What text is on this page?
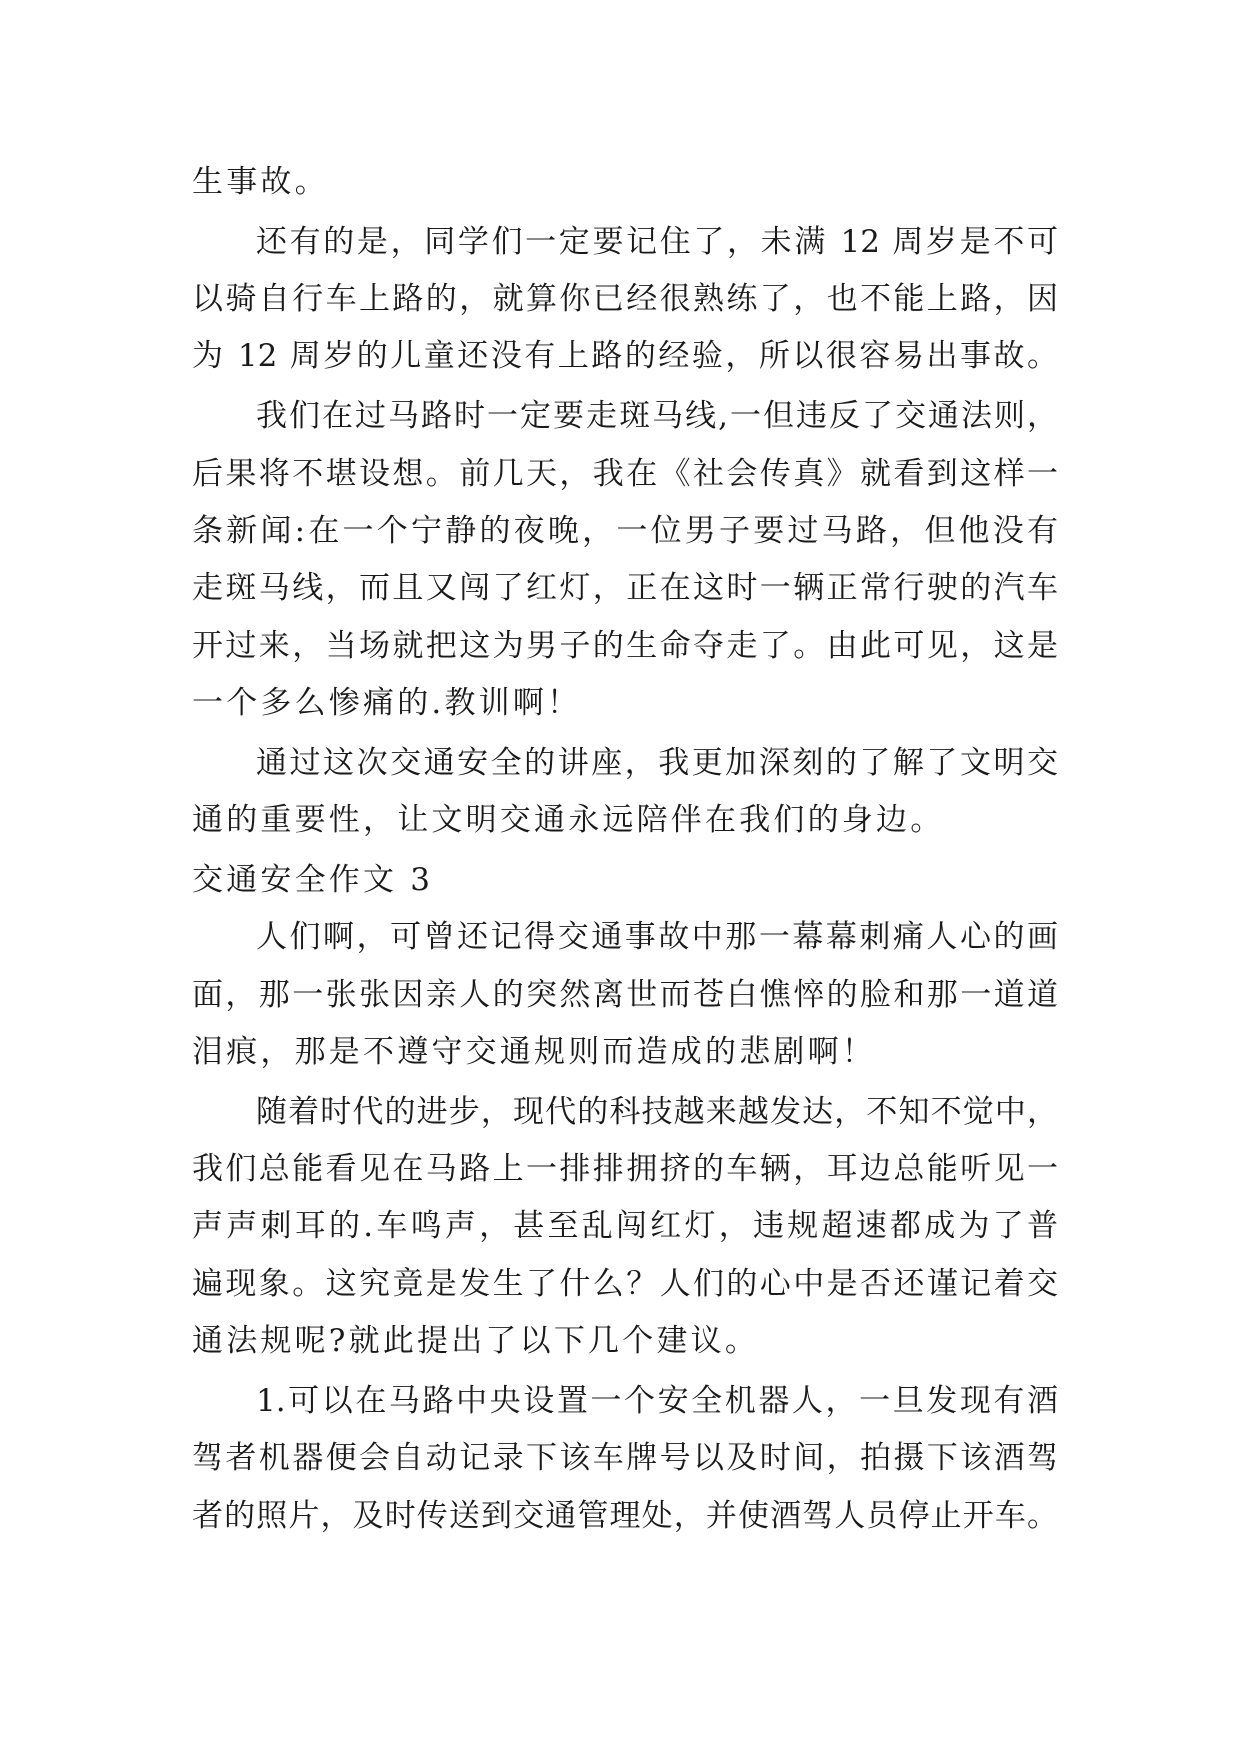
生事故。
还有的是，同学们一定要记住了，未满 12 周岁是不可
以骑自行车上路的，就算你已经很熟练了，也不能上路，因
为 12 周岁的儿童还没有上路的经验，所以很容易出事故。
我们在过马路时一定要走斑马线,一但违反了交通法则，
后果将不堪设想。前几天，我在《社会传真》就看到这样一
条新闻:在一个宁静的夜晚，一位男子要过马路，但他没有
走斑马线，而且又闯了红灯，正在这时一辆正常行驶的汽车
开过来，当场就把这为男子的生命夺走了。由此可见，这是
一个多么惨痛的.教训啊！
通过这次交通安全的讲座，我更加深刻的了解了文明交
通的重要性，让文明交通永远陪伴在我们的身边。
交通安全作文 3
人们啊，可曾还记得交通事故中那一幕幕刺痛人心的画
面，那一张张因亲人的突然离世而苍白憔悴的脸和那一道道
泪痕，那是不遵守交通规则而造成的悲剧啊！
随着时代的进步，现代的科技越来越发达，不知不觉中，
我们总能看见在马路上一排排拥挤的车辆，耳边总能听见一
声声刺耳的.车鸣声，甚至乱闯红灯，违规超速都成为了普
遍现象。这究竟是发生了什么？人们的心中是否还谨记着交
通法规呢?就此提出了以下几个建议。
1.可以在马路中央设置一个安全机器人，一旦发现有酒
驾者机器便会自动记录下该车牌号以及时间，拍摄下该酒驾
者的照片，及时传送到交通管理处，并使酒驾人员停止开车。
